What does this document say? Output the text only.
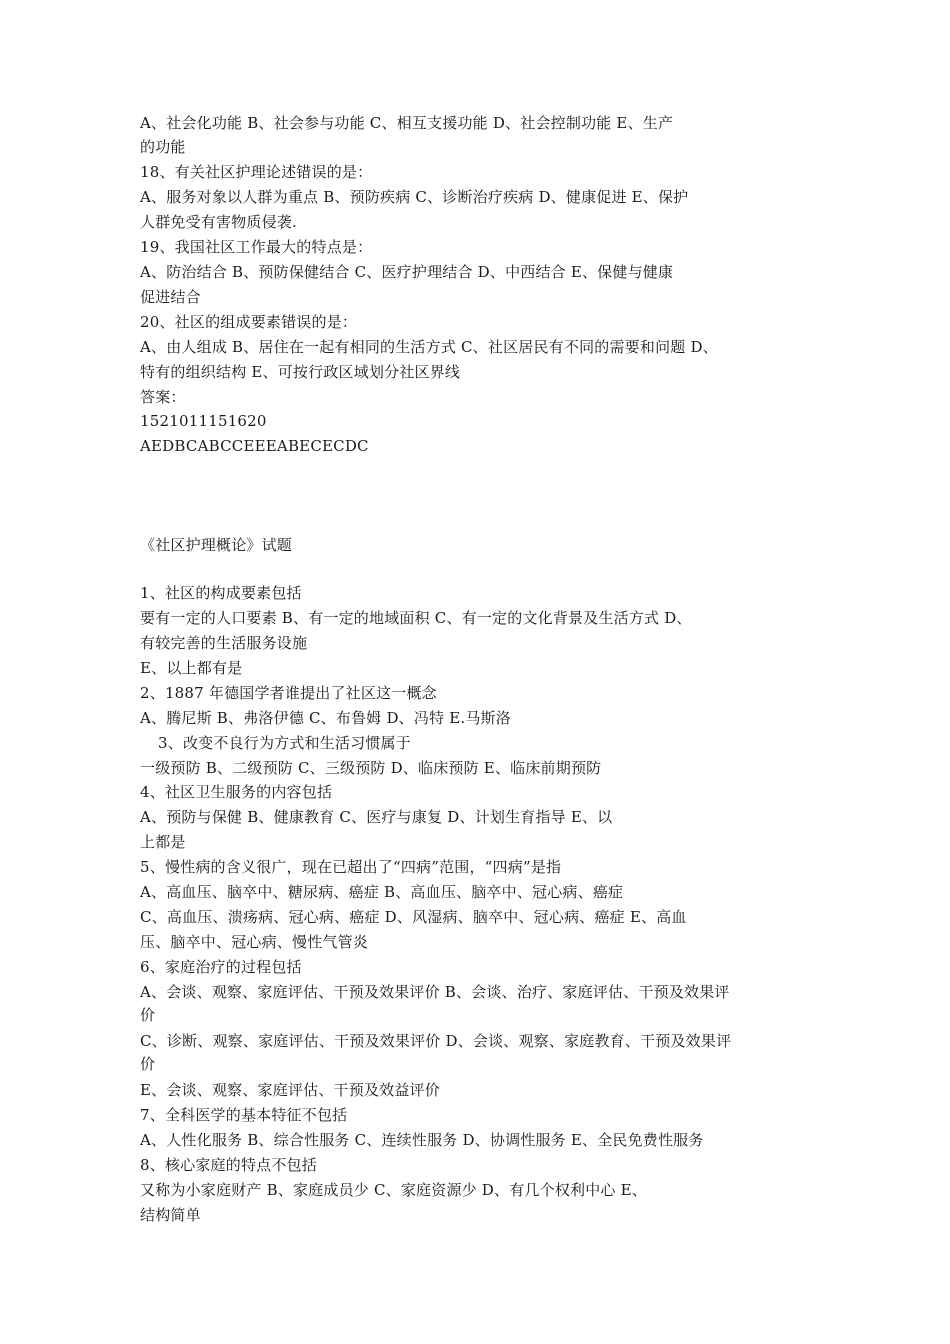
A、社会化功能 B、社会参与功能 C、相互支援功能 D、社会控制功能 E、生产
的功能
18、有关社区护理论述错误的是：
A、服务对象以人群为重点 B、预防疾病 C、诊断治疗疾病 D、健康促进 E、保护
人群免受有害物质侵袭.
19、我国社区工作最大的特点是：
A、防治结合 B、预防保健结合 C、医疗护理结合 D、中西结合 E、保健与健康
促进结合
20、社区的组成要素错误的是：
A、由人组成 B、居住在一起有相同的生活方式 C、社区居民有不同的需要和问题 D、
特有的组织结构 E、可按行政区域划分社区界线
答案：
1521011151620
AEDBCABCCEEEABECECDC
《社区护理概论》试题
1、社区的构成要素包括
要有一定的人口要素 B、有一定的地域面积 C、有一定的文化背景及生活方式 D、
有较完善的生活服务设施
E、以上都有是
2、1887 年德国学者谁提出了社区这一概念
A、腾尼斯 B、弗洛伊德 C、布鲁姆 D、冯特 E.马斯洛
3、改变不良行为方式和生活习惯属于
一级预防 B、二级预防 C、三级预防 D、临床预防 E、临床前期预防
4、社区卫生服务的内容包括
A、预防与保健 B、健康教育 C、医疗与康复 D、计划生育指导 E、以
上都是
5、慢性病的含义很广，现在已超出了“四病”范围，“四病”是指
A、高血压、脑卒中、糖尿病、癌症 B、高血压、脑卒中、冠心病、癌症
C、高血压、溃疡病、冠心病、癌症 D、风湿病、脑卒中、冠心病、癌症 E、高血
压、脑卒中、冠心病、慢性气管炎
6、家庭治疗的过程包括
A、会谈、观察、家庭评估、干预及效果评价 B、会谈、治疗、家庭评估、干预及效果评
价
C、诊断、观察、家庭评估、干预及效果评价 D、会谈、观察、家庭教育、干预及效果评
价
E、会谈、观察、家庭评估、干预及效益评价
7、全科医学的基本特征不包括
A、人性化服务 B、综合性服务 C、连续性服务 D、协调性服务 E、全民免费性服务
8、核心家庭的特点不包括
又称为小家庭财产 B、家庭成员少 C、家庭资源少 D、有几个权利中心 E、
结构简单
